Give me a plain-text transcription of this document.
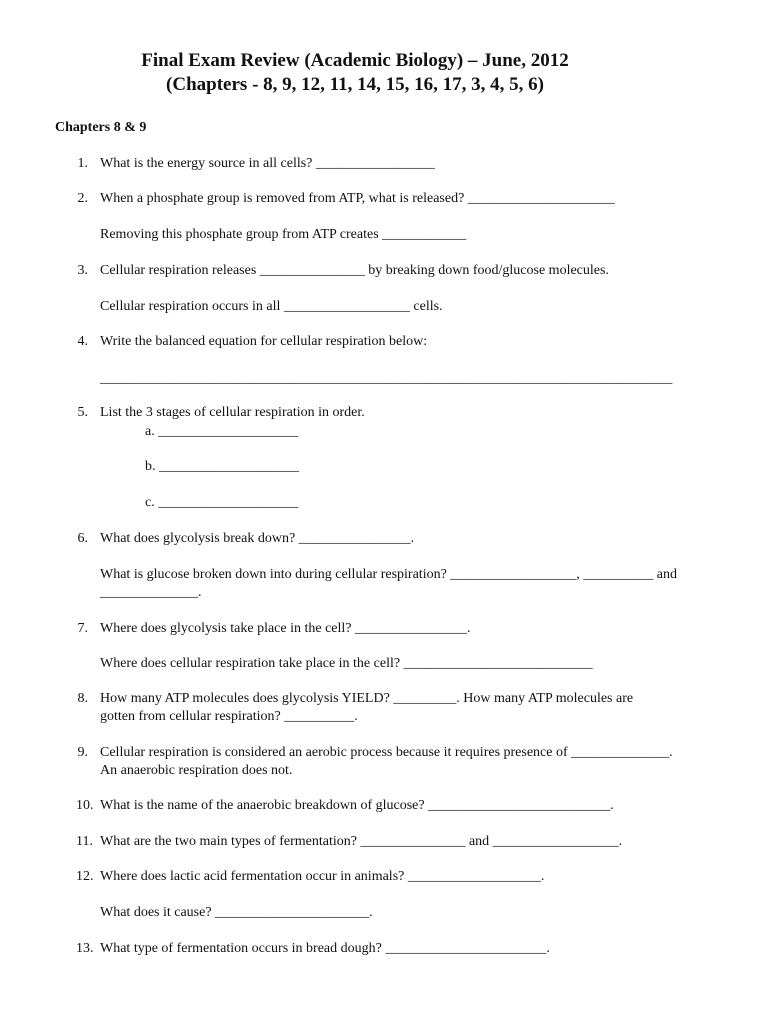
Final Exam Review (Academic Biology) – June, 2012
(Chapters - 8, 9, 12, 11, 14, 15, 16, 17, 3, 4, 5, 6)
Chapters 8 & 9
1. What is the energy source in all cells? _________________
2. When a phosphate group is removed from ATP, what is released? _____________________
Removing this phosphate group from ATP creates ____________
3. Cellular respiration releases _______________ by breaking down food/glucose molecules.
Cellular respiration occurs in all __________________ cells.
4. Write the balanced equation for cellular respiration below:
__________________________________________________________________________________
5. List the 3 stages of cellular respiration in order.
a. ____________________
b. ____________________
c. ____________________
6. What does glycolysis break down? ________________.
What is glucose broken down into during cellular respiration? __________________, __________ and
______________.
7. Where does glycolysis take place in the cell? ________________.
Where does cellular respiration take place in the cell? ___________________________
8. How many ATP molecules does glycolysis YIELD? _________. How many ATP molecules are
gotten from cellular respiration? __________.
9. Cellular respiration is considered an aerobic process because it requires presence of ______________.
An anaerobic respiration does not.
10. What is the name of the anaerobic breakdown of glucose? __________________________.
11. What are the two main types of fermentation? _______________ and __________________.
12. Where does lactic acid fermentation occur in animals? ___________________.
What does it cause? ______________________.
13. What type of fermentation occurs in bread dough? _______________________.
